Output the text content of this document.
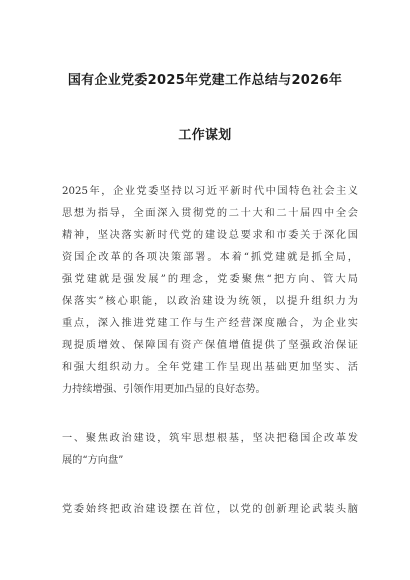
国有企业党委2025年党建工作总结与2026年
工作谋划
2025年，企业党委坚持以习近平新时代中国特色社会主义
思想为指导，全面深入贯彻党的二十大和二十届四中全会
精神，坚决落实新时代党的建设总要求和市委关于深化国
资国企改革的各项决策部署。本着“抓党建就是抓全局，
强党建就是强发展”的理念，党委聚焦“把方向、管大局
保落实”核心职能，以政治建设为统领，以提升组织力为
重点，深入推进党建工作与生产经营深度融合，为企业实
现提质增效、保障国有资产保值增值提供了坚强政治保证
和强大组织动力。全年党建工作呈现出基础更加坚实、活
力持续增强、引领作用更加凸显的良好态势。
一、聚焦政治建设，筑牢思想根基，坚决把稳国企改革发
展的“方向盘”
党委始终把政治建设摆在首位，以党的创新理论武装头脑
